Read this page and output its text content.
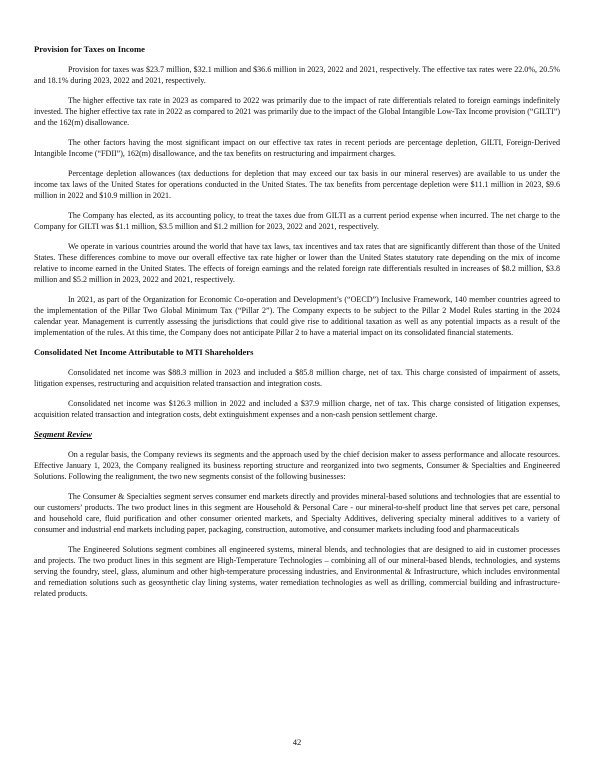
Provision for Taxes on Income

Provision for taxes was $23.7 million, $32.1 million and $36.6 million in 2023, 2022 and 2021, respectively. The effective tax rates were 22.0%, 20.5% and 18.1% during 2023, 2022 and 2021, respectively.

The higher effective tax rate in 2023 as compared to 2022 was primarily due to the impact of rate differentials related to foreign earnings indefinitely invested. The higher effective tax rate in 2022 as compared to 2021 was primarily due to the impact of the Global Intangible Low-Tax Income provision (“GILTI”) and the 162(m) disallowance.

The other factors having the most significant impact on our effective tax rates in recent periods are percentage depletion, GILTI, Foreign-Derived Intangible Income (“FDII”), 162(m) disallowance, and the tax benefits on restructuring and impairment charges.

Percentage depletion allowances (tax deductions for depletion that may exceed our tax basis in our mineral reserves) are available to us under the income tax laws of the United States for operations conducted in the United States. The tax benefits from percentage depletion were $11.1 million in 2023, $9.6 million in 2022 and $10.9 million in 2021.

The Company has elected, as its accounting policy, to treat the taxes due from GILTI as a current period expense when incurred. The net charge to the Company for GILTI was $1.1 million, $3.5 million and $1.2 million for 2023, 2022 and 2021, respectively.

We operate in various countries around the world that have tax laws, tax incentives and tax rates that are significantly different than those of the United States. These differences combine to move our overall effective tax rate higher or lower than the United States statutory rate depending on the mix of income relative to income earned in the United States. The effects of foreign earnings and the related foreign rate differentials resulted in increases of $8.2 million, $3.8 million and $5.2 million in 2023, 2022 and 2021, respectively.

In 2021, as part of the Organization for Economic Co-operation and Development’s (“OECD”) Inclusive Framework, 140 member countries agreed to the implementation of the Pillar Two Global Minimum Tax (“Pillar 2”). The Company expects to be subject to the Pillar 2 Model Rules starting in the 2024 calendar year. Management is currently assessing the jurisdictions that could give rise to additional taxation as well as any potential impacts as a result of the implementation of the rules. At this time, the Company does not anticipate Pillar 2 to have a material impact on its consolidated financial statements.

Consolidated Net Income Attributable to MTI Shareholders

Consolidated net income was $88.3 million in 2023 and included a $85.8 million charge, net of tax. This charge consisted of impairment of assets, litigation expenses, restructuring and acquisition related transaction and integration costs.

Consolidated net income was $126.3 million in 2022 and included a $37.9 million charge, net of tax. This charge consisted of litigation expenses, acquisition related transaction and integration costs, debt extinguishment expenses and a non-cash pension settlement charge.

Segment Review

On a regular basis, the Company reviews its segments and the approach used by the chief decision maker to assess performance and allocate resources. Effective January 1, 2023, the Company realigned its business reporting structure and reorganized into two segments, Consumer & Specialties and Engineered Solutions. Following the realignment, the two new segments consist of the following businesses:

The Consumer & Specialties segment serves consumer end markets directly and provides mineral-based solutions and technologies that are essential to our customers’ products. The two product lines in this segment are Household & Personal Care - our mineral-to-shelf product line that serves pet care, personal and household care, fluid purification and other consumer oriented markets, and Specialty Additives, delivering specialty mineral additives to a variety of consumer and industrial end markets including paper, packaging, construction, automotive, and consumer markets including food and pharmaceuticals

The Engineered Solutions segment combines all engineered systems, mineral blends, and technologies that are designed to aid in customer processes and projects. The two product lines in this segment are High-Temperature Technologies – combining all of our mineral-based blends, technologies, and systems serving the foundry, steel, glass, aluminum and other high-temperature processing industries, and Environmental & Infrastructure, which includes environmental and remediation solutions such as geosynthetic clay lining systems, water remediation technologies as well as drilling, commercial building and infrastructure-related products.

42
